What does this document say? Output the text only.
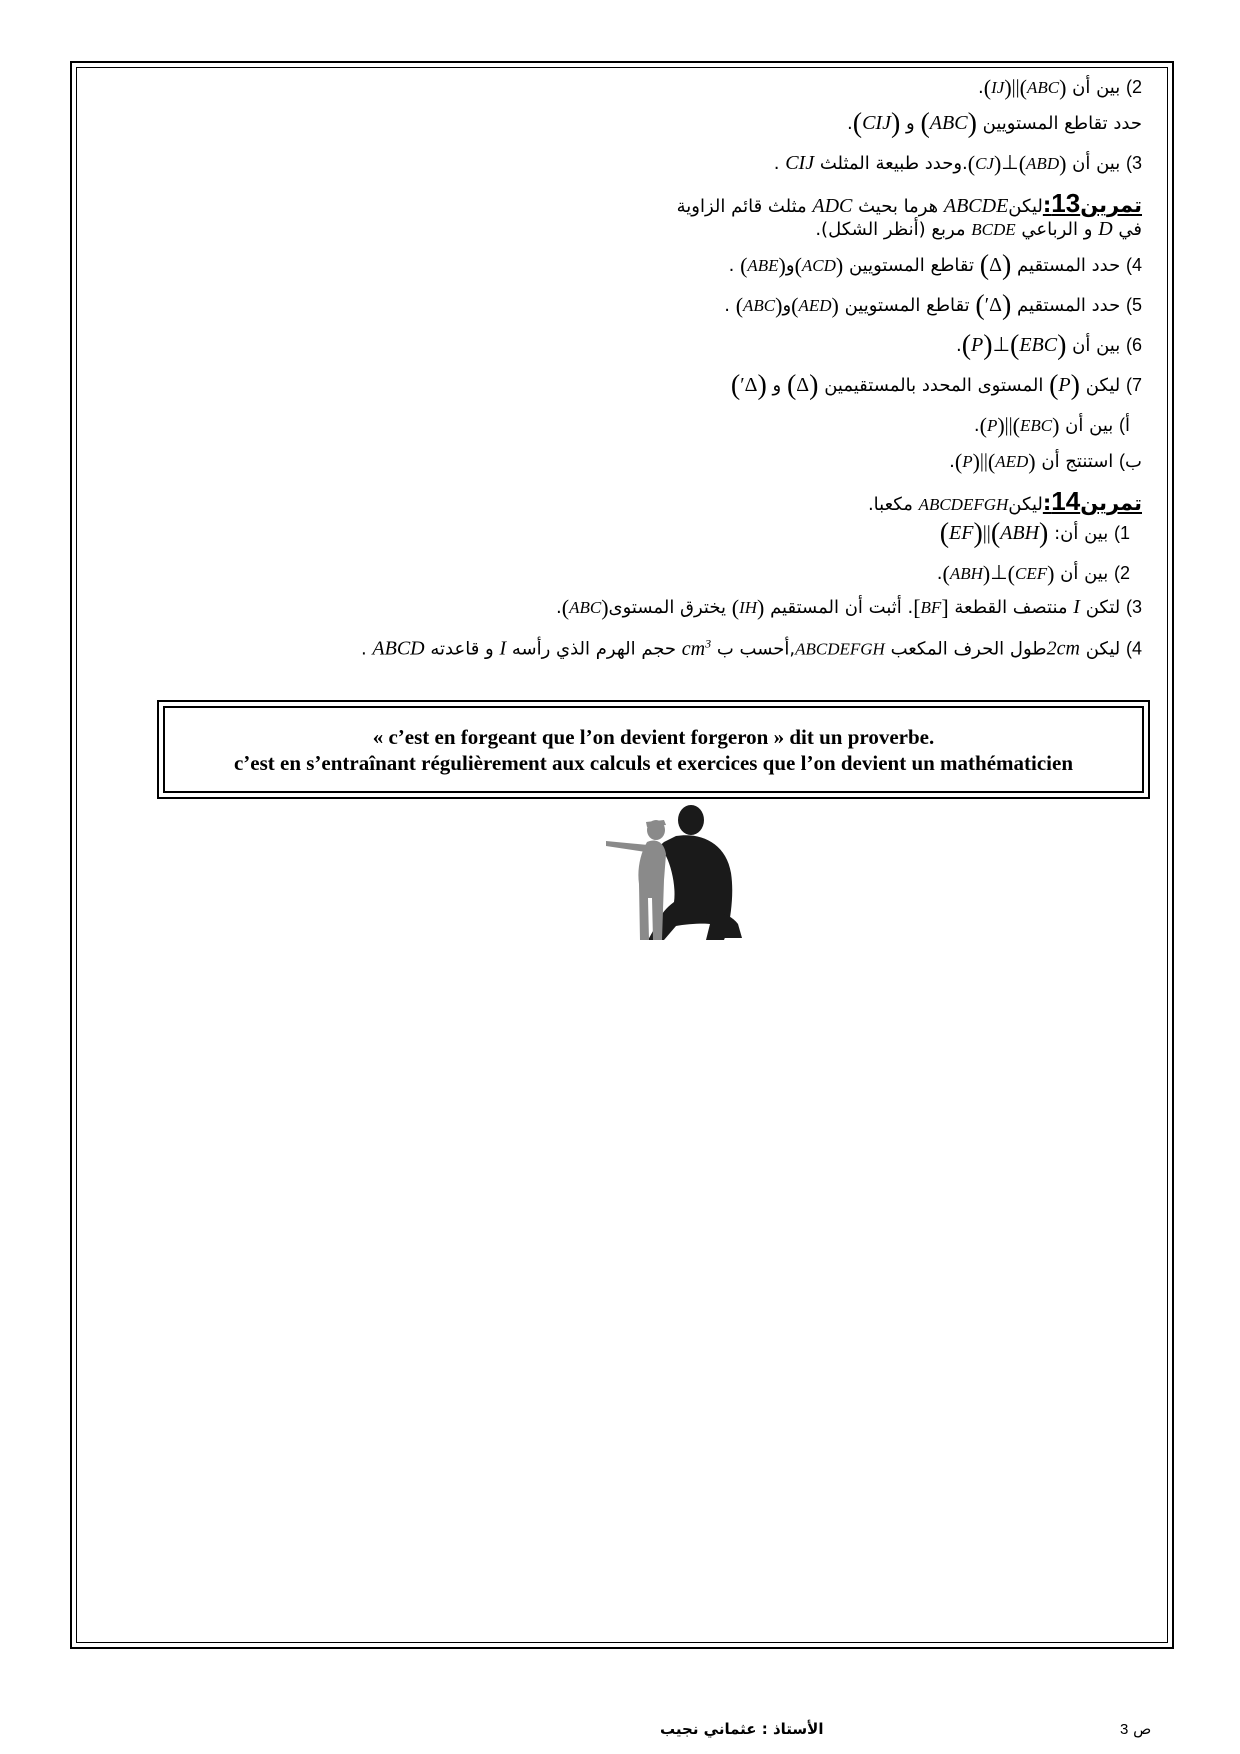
2) بين أن (ABC)||(IJ).
حدد تقاطع المستويين (ABC) و (CIJ).
3) بين أن (ABD)⊥(CJ).وحدد طبيعة المثلث CIJ .
تمرين13:ليكنABCDE هرما بحيث ADC مثلث قائم الزاوية
في D و الرباعي BCDE مربع (أنظر الشكل).
4) حدد المستقيم (Δ) تقاطع المستويين (ACD)و(ABE) .
5) حدد المستقيم (Δ′) تقاطع المستويين (AED)و(ABC) .
6) بين أن (EBC)⊥(P).
7) ليكن (P) المستوى المحدد بالمستقيمين (Δ) و (Δ′)
أ) بين أن (EBC)||(P).
ب) استنتج أن (AED)||(P).
تمرين14:ليكنABCDEFGH مكعبا.
1) بين أن: (ABH)||(EF)
2) بين أن (CEF)⊥(ABH).
3) لتكن I منتصف القطعة [BF]. أثبت أن المستقيم (IH) يخترق المستوى(ABC).
4) ليكن 2cmطول الحرف المكعب ABCDEFGH,أحسب ب $cm^3$ حجم الهرم الذي رأسه I و قاعدته ABCD .
« c’est en forgeant que l’on devient forgeron » dit un proverbe.
c’est en s’entraînant régulièrement aux calculs et exercices que l’on devient un mathématicien
الأستاذ : عثماني نجيب	ص 3
